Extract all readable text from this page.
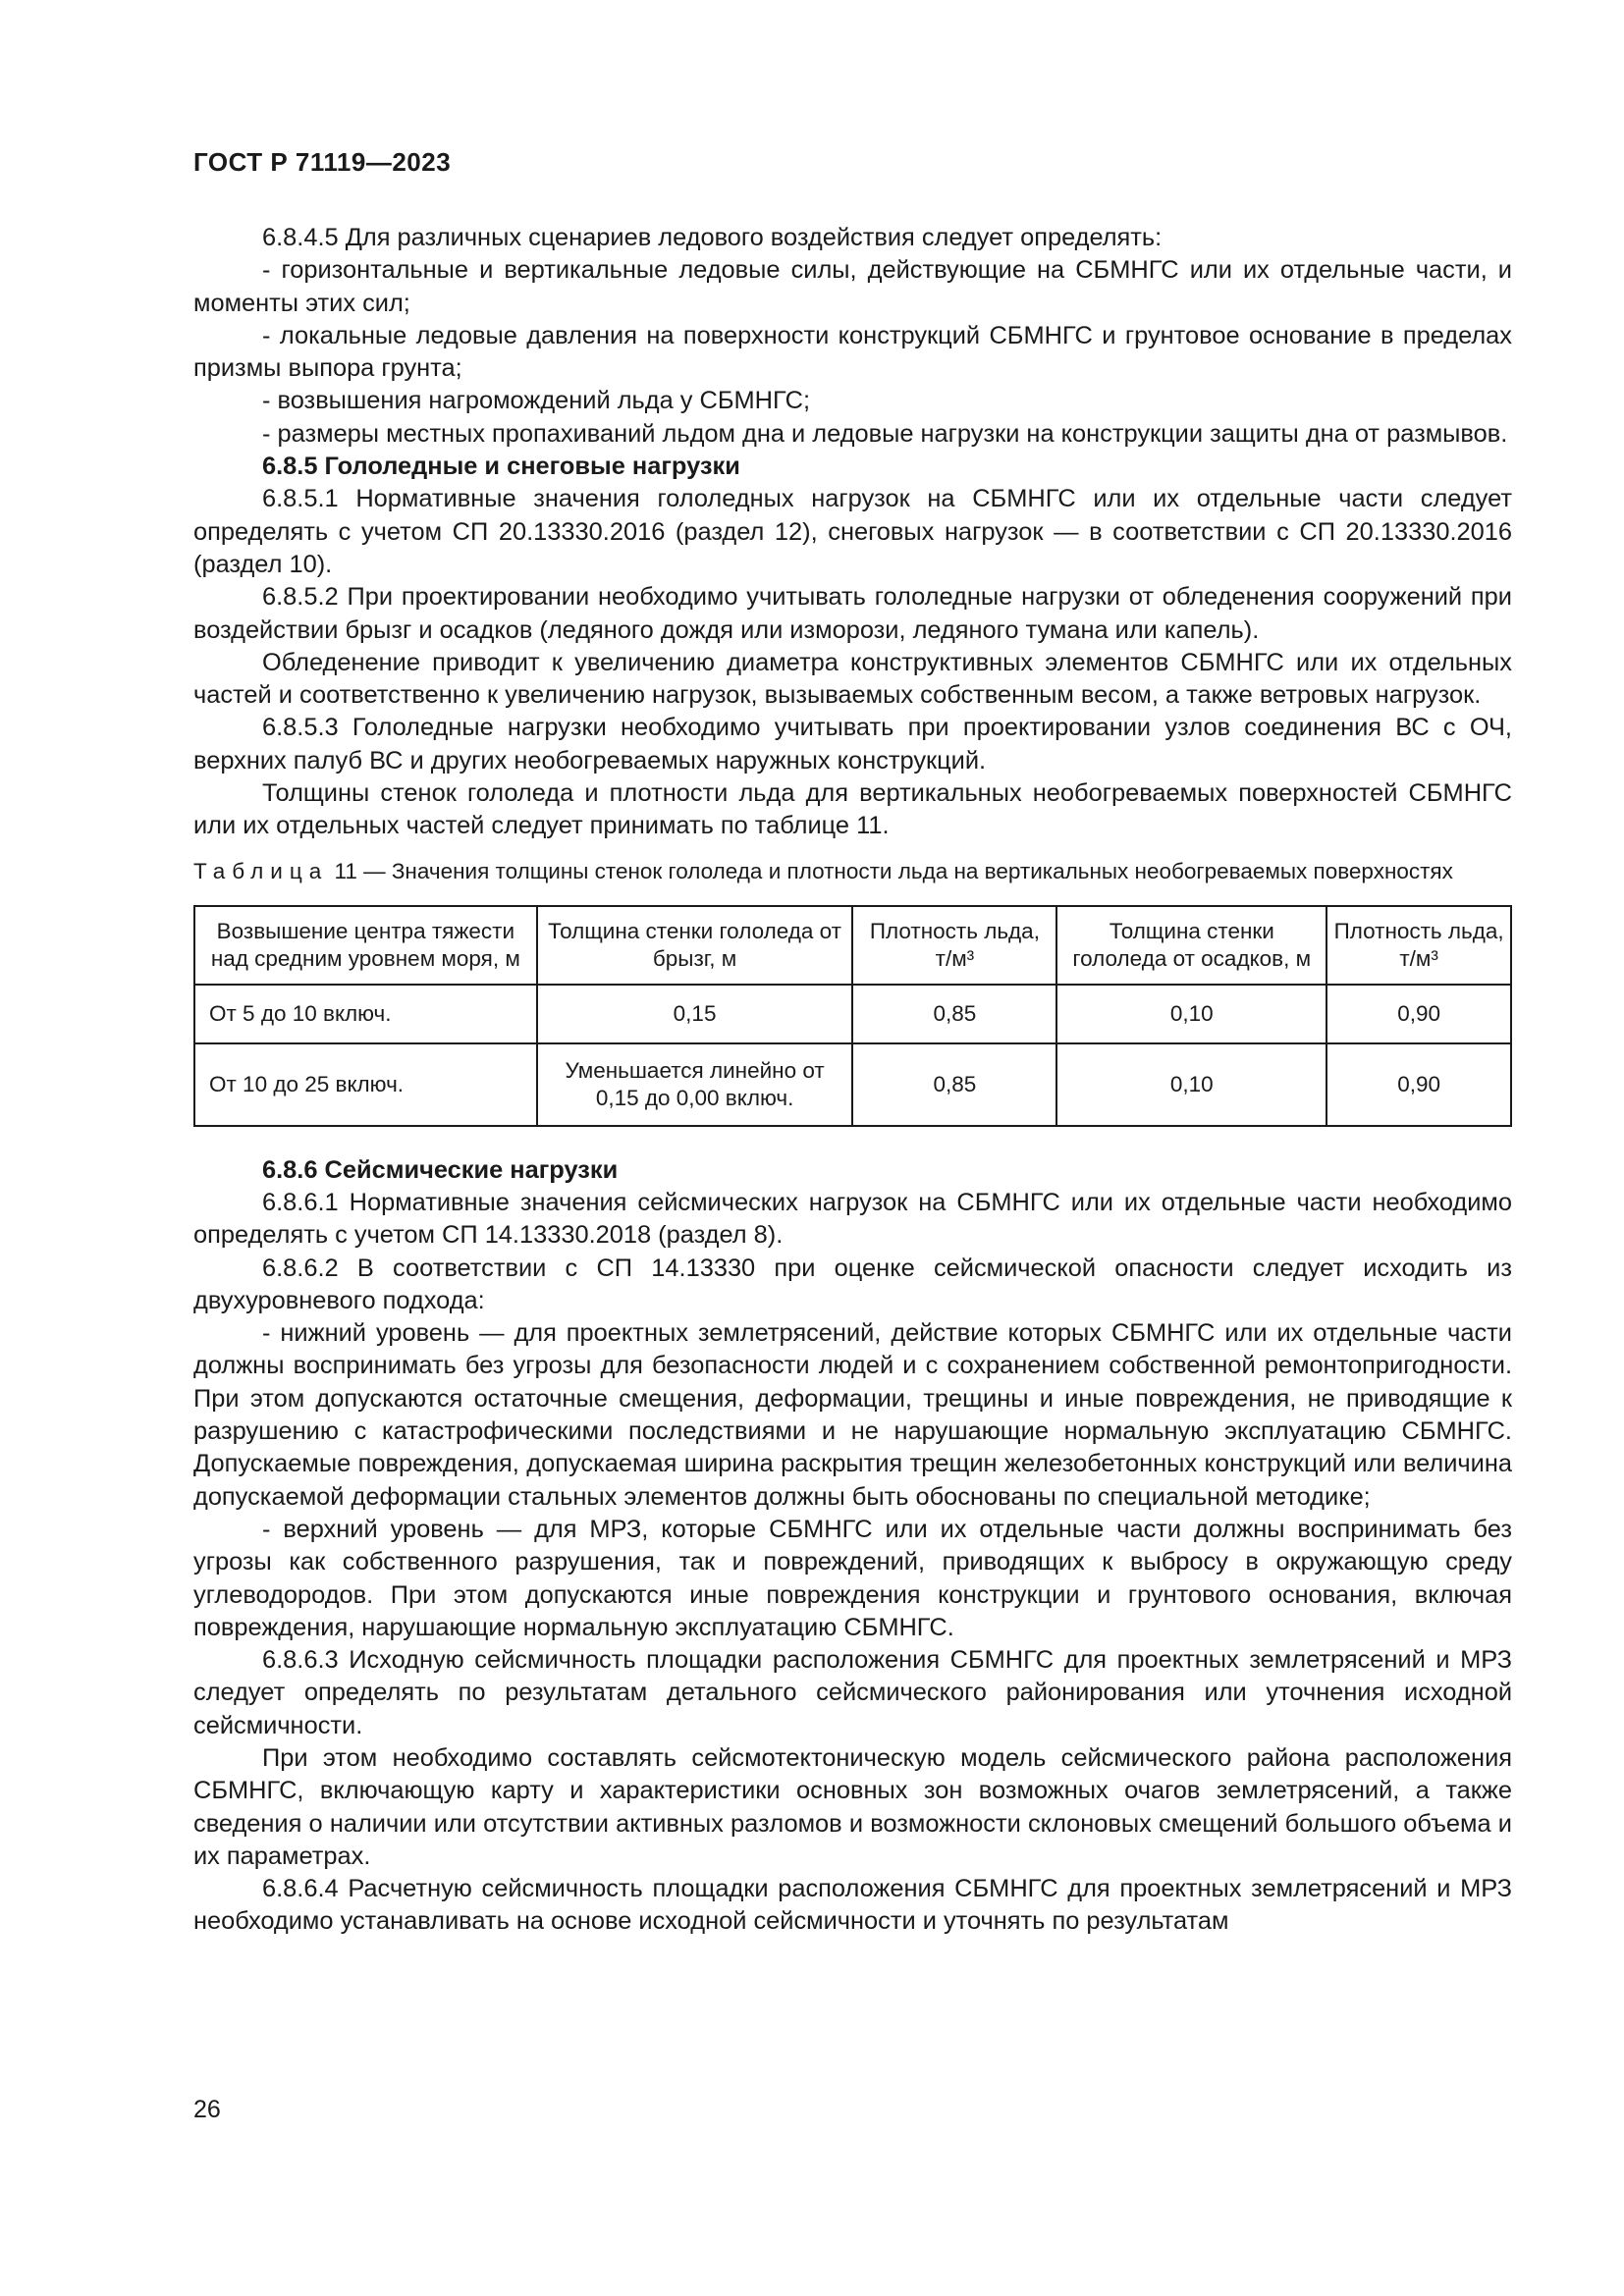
ГОСТ Р 71119—2023

6.8.4.5 Для различных сценариев ледового воздействия следует определять:

- горизонтальные и вертикальные ледовые силы, действующие на СБМНГС или их отдельные части, и моменты этих сил;

- локальные ледовые давления на поверхности конструкций СБМНГС и грунтовое основание в пределах призмы выпора грунта;

- возвышения нагромождений льда у СБМНГС;

- размеры местных пропахиваний льдом дна и ледовые нагрузки на конструкции защиты дна от размывов.

6.8.5 Гололедные и снеговые нагрузки

6.8.5.1 Нормативные значения гололедных нагрузок на СБМНГС или их отдельные части следует определять с учетом СП 20.13330.2016 (раздел 12), снеговых нагрузок — в соответствии с СП 20.13330.2016 (раздел 10).

6.8.5.2 При проектировании необходимо учитывать гололедные нагрузки от обледенения сооружений при воздействии брызг и осадков (ледяного дождя или изморози, ледяного тумана или капель).

Обледенение приводит к увеличению диаметра конструктивных элементов СБМНГС или их отдельных частей и соответственно к увеличению нагрузок, вызываемых собственным весом, а также ветровых нагрузок.

6.8.5.3 Гололедные нагрузки необходимо учитывать при проектировании узлов соединения ВС с ОЧ, верхних палуб ВС и других необогреваемых наружных конструкций.

Толщины стенок гололеда и плотности льда для вертикальных необогреваемых поверхностей СБМНГС или их отдельных частей следует принимать по таблице 11.

Таблица 11 — Значения толщины стенок гололеда и плотности льда на вертикальных необогреваемых поверхностях

Возвышение центра тяжести над средним уровнем моря, м	Толщина стенки гололеда от брызг, м	Плотность льда, т/м³	Толщина стенки гололеда от осадков, м	Плотность льда, т/м³
От 5 до 10 включ.	0,15	0,85	0,10	0,90
От 10 до 25 включ.	Уменьшается линейно от 0,15 до 0,00 включ.	0,85	0,10	0,90

6.8.6 Сейсмические нагрузки

6.8.6.1 Нормативные значения сейсмических нагрузок на СБМНГС или их отдельные части необходимо определять с учетом СП 14.13330.2018 (раздел 8).

6.8.6.2 В соответствии с СП 14.13330 при оценке сейсмической опасности следует исходить из двухуровневого подхода:

- нижний уровень — для проектных землетрясений, действие которых СБМНГС или их отдельные части должны воспринимать без угрозы для безопасности людей и с сохранением собственной ремонтопригодности. При этом допускаются остаточные смещения, деформации, трещины и иные повреждения, не приводящие к разрушению с катастрофическими последствиями и не нарушающие нормальную эксплуатацию СБМНГС. Допускаемые повреждения, допускаемая ширина раскрытия трещин железобетонных конструкций или величина допускаемой деформации стальных элементов должны быть обоснованы по специальной методике;

- верхний уровень — для МРЗ, которые СБМНГС или их отдельные части должны воспринимать без угрозы как собственного разрушения, так и повреждений, приводящих к выбросу в окружающую среду углеводородов. При этом допускаются иные повреждения конструкции и грунтового основания, включая повреждения, нарушающие нормальную эксплуатацию СБМНГС.

6.8.6.3 Исходную сейсмичность площадки расположения СБМНГС для проектных землетрясений и МРЗ следует определять по результатам детального сейсмического районирования или уточнения исходной сейсмичности.

При этом необходимо составлять сейсмотектоническую модель сейсмического района расположения СБМНГС, включающую карту и характеристики основных зон возможных очагов землетрясений, а также сведения о наличии или отсутствии активных разломов и возможности склоновых смещений большого объема и их параметрах.

6.8.6.4 Расчетную сейсмичность площадки расположения СБМНГС для проектных землетрясений и МРЗ необходимо устанавливать на основе исходной сейсмичности и уточнять по результатам

26
